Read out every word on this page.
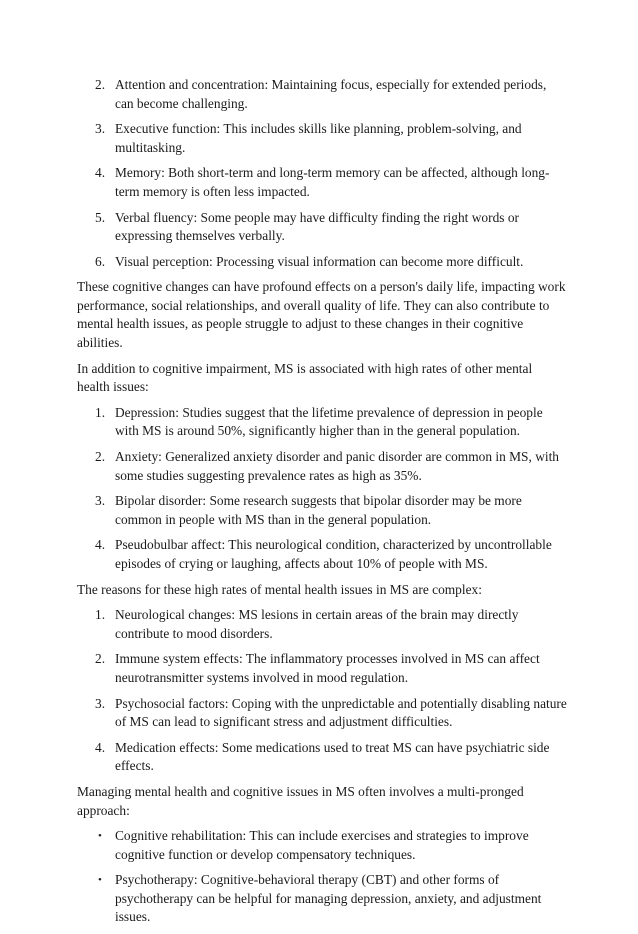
2. Attention and concentration: Maintaining focus, especially for extended periods, can become challenging.
3. Executive function: This includes skills like planning, problem-solving, and multitasking.
4. Memory: Both short-term and long-term memory can be affected, although long-term memory is often less impacted.
5. Verbal fluency: Some people may have difficulty finding the right words or expressing themselves verbally.
6. Visual perception: Processing visual information can become more difficult.

These cognitive changes can have profound effects on a person's daily life, impacting work performance, social relationships, and overall quality of life. They can also contribute to mental health issues, as people struggle to adjust to these changes in their cognitive abilities.

In addition to cognitive impairment, MS is associated with high rates of other mental health issues:

1. Depression: Studies suggest that the lifetime prevalence of depression in people with MS is around 50%, significantly higher than in the general population.
2. Anxiety: Generalized anxiety disorder and panic disorder are common in MS, with some studies suggesting prevalence rates as high as 35%.
3. Bipolar disorder: Some research suggests that bipolar disorder may be more common in people with MS than in the general population.
4. Pseudobulbar affect: This neurological condition, characterized by uncontrollable episodes of crying or laughing, affects about 10% of people with MS.

The reasons for these high rates of mental health issues in MS are complex:

1. Neurological changes: MS lesions in certain areas of the brain may directly contribute to mood disorders.
2. Immune system effects: The inflammatory processes involved in MS can affect neurotransmitter systems involved in mood regulation.
3. Psychosocial factors: Coping with the unpredictable and potentially disabling nature of MS can lead to significant stress and adjustment difficulties.
4. Medication effects: Some medications used to treat MS can have psychiatric side effects.

Managing mental health and cognitive issues in MS often involves a multi-pronged approach:

• Cognitive rehabilitation: This can include exercises and strategies to improve cognitive function or develop compensatory techniques.
• Psychotherapy: Cognitive-behavioral therapy (CBT) and other forms of psychotherapy can be helpful for managing depression, anxiety, and adjustment issues.
